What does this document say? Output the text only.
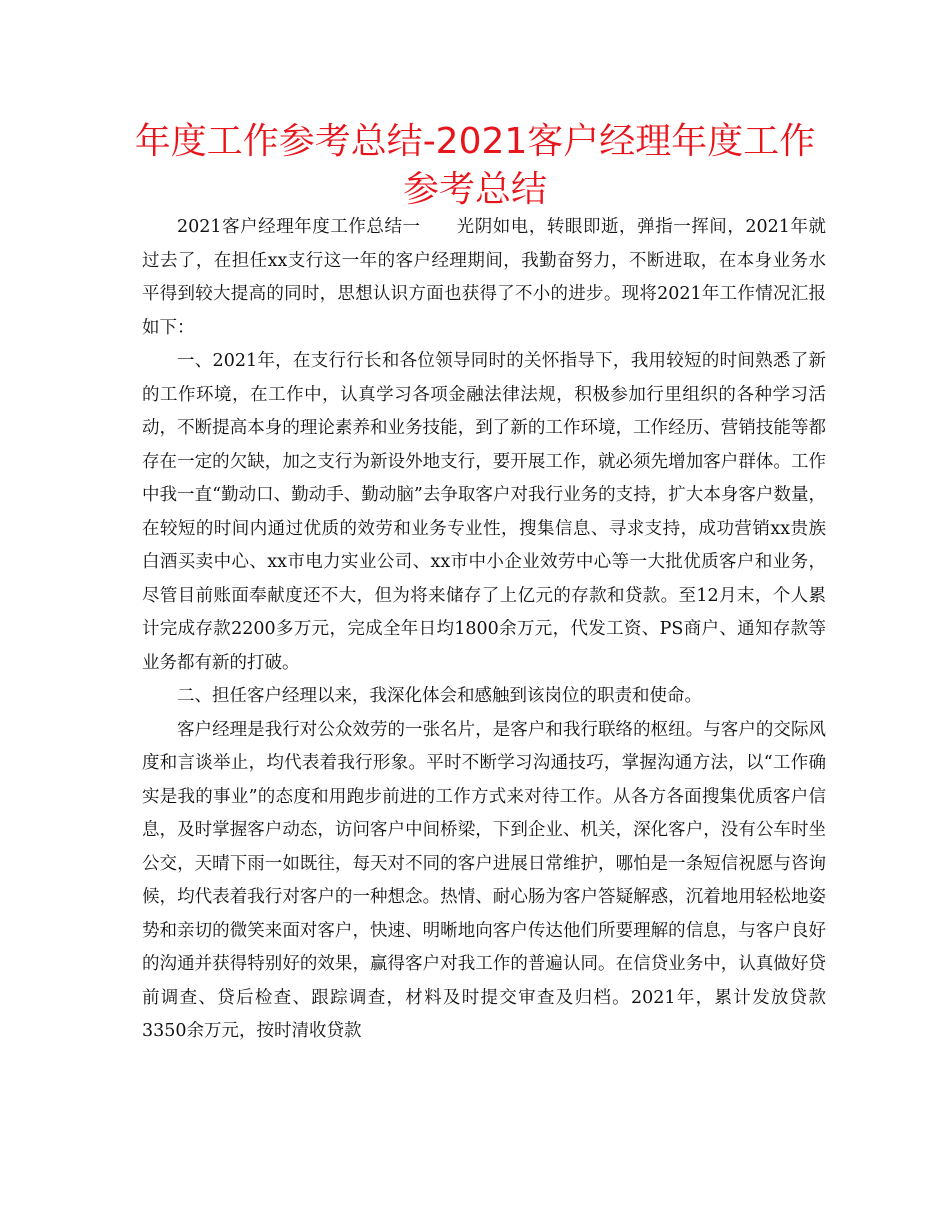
年度工作参考总结-2021客户经理年度工作参考总结

2021客户经理年度工作总结一　　光阴如电，转眼即逝，弹指一挥间，2021年就过去了，在担任xx支行这一年的客户经理期间，我勤奋努力，不断进取，在本身业务水平得到较大提高的同时，思想认识方面也获得了不小的进步。现将2021年工作情况汇报如下：

一、2021年，在支行行长和各位领导同时的关怀指导下，我用较短的时间熟悉了新的工作环境，在工作中，认真学习各项金融法律法规，积极参加行里组织的各种学习活动，不断提高本身的理论素养和业务技能，到了新的工作环境，工作经历、营销技能等都存在一定的欠缺，加之支行为新设外地支行，要开展工作，就必须先增加客户群体。工作中我一直“勤动口、勤动手、勤动脑”去争取客户对我行业务的支持，扩大本身客户数量，在较短的时间内通过优质的效劳和业务专业性，搜集信息、寻求支持，成功营销xx贵族白酒买卖中心、xx市电力实业公司、xx市中小企业效劳中心等一大批优质客户和业务，尽管目前账面奉献度还不大，但为将来储存了上亿元的存款和贷款。至12月末，个人累计完成存款2200多万元，完成全年日均1800余万元，代发工资、PS商户、通知存款等业务都有新的打破。

二、担任客户经理以来，我深化体会和感触到该岗位的职责和使命。

客户经理是我行对公众效劳的一张名片，是客户和我行联络的枢纽。与客户的交际风度和言谈举止，均代表着我行形象。平时不断学习沟通技巧，掌握沟通方法，以“工作确实是我的事业”的态度和用跑步前进的工作方式来对待工作。从各方各面搜集优质客户信息，及时掌握客户动态，访问客户中间桥梁，下到企业、机关，深化客户，没有公车时坐公交，天晴下雨一如既往，每天对不同的客户进展日常维护，哪怕是一条短信祝愿与咨询候，均代表着我行对客户的一种想念。热情、耐心肠为客户答疑解惑，沉着地用轻松地姿势和亲切的微笑来面对客户，快速、明晰地向客户传达他们所要理解的信息，与客户良好的沟通并获得特别好的效果，赢得客户对我工作的普遍认同。在信贷业务中，认真做好贷前调查、贷后检查、跟踪调查，材料及时提交审查及归档。2021年，累计发放贷款3350余万元，按时清收贷款
